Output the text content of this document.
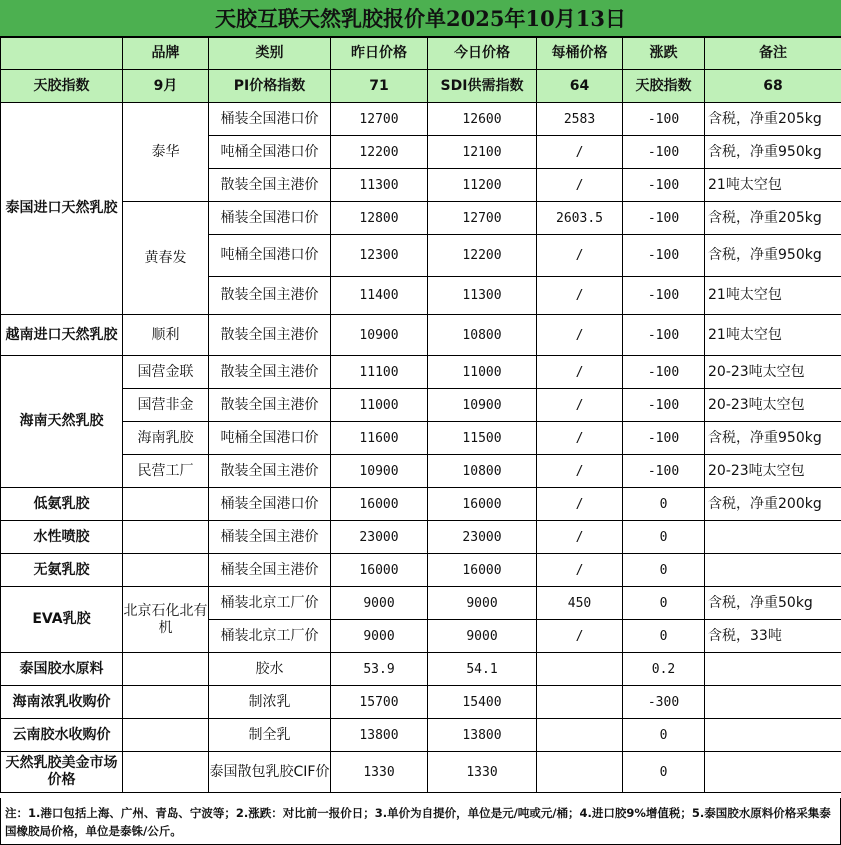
天胶互联天然乳胶报价单2025年10月13日
	品牌	类别	昨日价格	今日价格	每桶价格	涨跌	备注
天胶指数	9月	PI价格指数	71	SDI供需指数	64	天胶指数	68
泰国进口天然乳胶	泰华	桶装全国港口价	12700	12600	2583	-100	含税，净重205kg
		吨桶全国港口价	12200	12100	/	-100	含税，净重950kg
		散装全国主港价	11300	11200	/	-100	21吨太空包
	黄春发	桶装全国港口价	12800	12700	2603.5	-100	含税，净重205kg
		吨桶全国港口价	12300	12200	/	-100	含税，净重950kg
		散装全国主港价	11400	11300	/	-100	21吨太空包
越南进口天然乳胶	顺利	散装全国主港价	10900	10800	/	-100	21吨太空包
海南天然乳胶	国营金联	散装全国主港价	11100	11000	/	-100	20-23吨太空包
	国营非金	散装全国主港价	11000	10900	/	-100	20-23吨太空包
	海南乳胶	吨桶全国港口价	11600	11500	/	-100	含税，净重950kg
	民营工厂	散装全国主港价	10900	10800	/	-100	20-23吨太空包
低氨乳胶		桶装全国港口价	16000	16000	/	0	含税，净重200kg
水性喷胶		桶装全国主港价	23000	23000	/	0	
无氨乳胶		桶装全国主港价	16000	16000	/	0	
EVA乳胶	北京石化北有机	桶装北京工厂价	9000	9000	450	0	含税，净重50kg
		桶装北京工厂价	9000	9000	/	0	含税，33吨
泰国胶水原料		胶水	53.9	54.1		0.2	
海南浓乳收购价		制浓乳	15700	15400		-300	
云南胶水收购价		制全乳	13800	13800		0	
天然乳胶美金市场价格		泰国散包乳胶CIF价	1330	1330		0	
注：1.港口包括上海、广州、青岛、宁波等；2.涨跌：对比前一报价日；3.单价为自提价，单位是元/吨或元/桶；4.进口胶9%增值税；5.泰国胶水原料价格采集泰国橡胶局价格，单位是泰铢/公斤。
